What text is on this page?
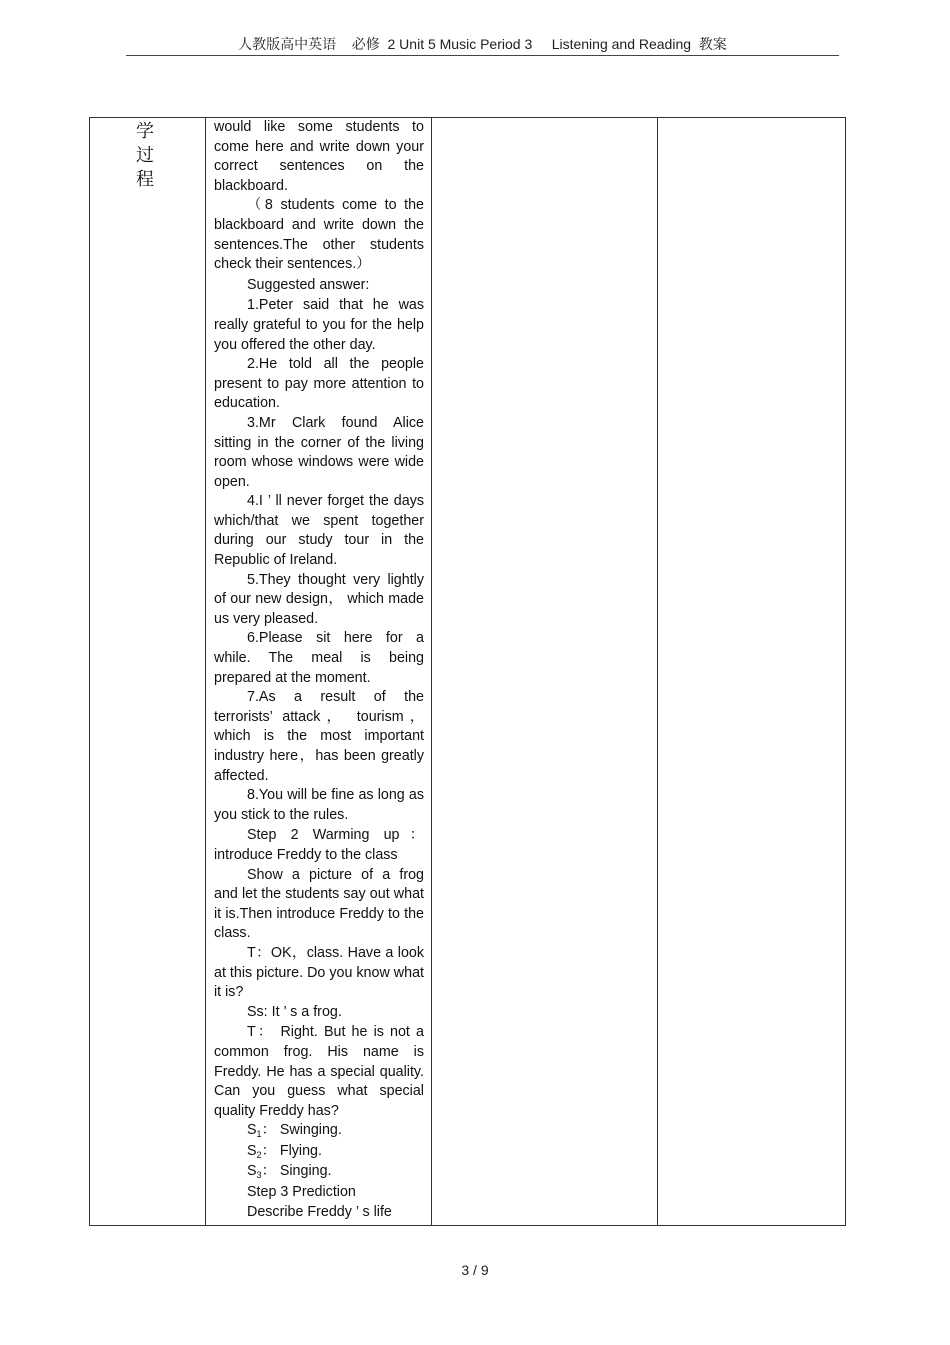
人教版高中英语    必修  2 Unit 5 Music Period 3     Listening and Reading  教案
学
过
程

would like some students to come here and write down your correct sentences on the blackboard.

（8 students come to the blackboard and write down the sentences.The other students check their sentences.）

Suggested answer:

1.Peter said that he was really grateful to you for the help you offered the other day.

2.He told all the people present to pay more attention to education.

3.Mr Clark found Alice sitting in the corner of the living room whose windows were wide open.

4.I ’ ll never forget the days which/that we spent together during our study tour in the Republic of Ireland.

5.They thought very lightly of our new design， which made us very pleased.

6.Please sit here for a while. The meal is being prepared at the moment.

7.As a result of the terrorists’ attack， tourism， which is the most important industry here，has been greatly affected.

8.You will be fine as long as you stick to the rules.

Step 2 Warming up： introduce Freddy to the class

Show a picture of a frog and let the students say out what it is.Then introduce Freddy to the class.

T：OK，class. Have a look at this picture. Do you know what it is?

Ss: It ’ s a frog.

T： Right. But he is not a common frog. His name is Freddy. He has a special quality. Can you guess what special quality Freddy has?

$S_1$： Swinging.

$S_2$： Flying.

$S_3$： Singing.

Step 3 Prediction

Describe Freddy ’ s life

3 / 9
